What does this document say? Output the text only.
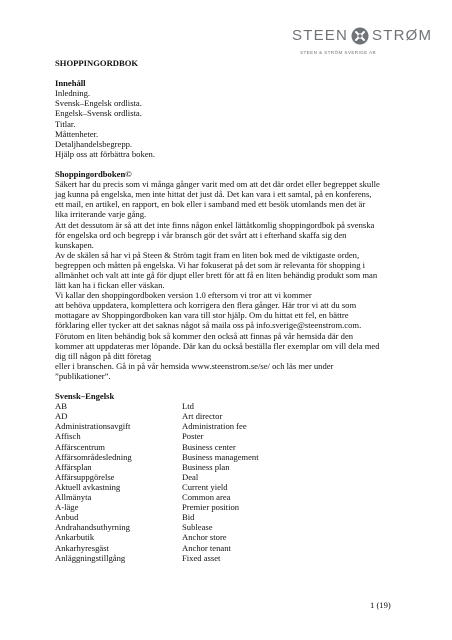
STEEN STRØM
STEEN & STRÖM SVERIGE AB
SHOPPINGORDBOK
Innehåll
Inledning.
Svensk–Engelsk ordlista.
Engelsk–Svensk ordlista.
Titlar.
Måttenheter.
Detaljhandelsbegrepp.
Hjälp oss att förbättra boken.
Shoppingordboken©
Säkert har du precis som vi många gånger varit med om att det där ordet eller begreppet skulle
jag kunna på engelska, men inte hittat det just då. Det kan vara i ett samtal, på en konferens,
ett mail, en artikel, en rapport, en bok eller i samband med ett besök utomlands men det är
lika irriterande varje gång.
Att det dessutom är så att det inte finns någon enkel lättåtkomlig shoppingordbok på svenska
för engelska ord och begrepp i vår bransch gör det svårt att i efterhand skaffa sig den
kunskapen.
Av de skälen så har vi på Steen & Ström tagit fram en liten bok med de viktigaste orden,
begreppen och måtten på engelska. Vi har fokuserat på det som är relevanta för shopping i
allmänhet och valt att inte gå för djupt eller brett för att få en liten behändig produkt som man
lätt kan ha i fickan eller väskan.
Vi kallar den shoppingordboken version 1.0 eftersom vi tror att vi kommer
att behöva uppdatera, komplettera och korrigera den flera gånger. Här tror vi att du som
mottagare av Shoppingordboken kan vara till stor hjälp. Om du hittat ett fel, en bättre
förklaring eller tycker att det saknas något så maila oss på info.sverige@steenstrom.com.
Förutom en liten behändig bok så kommer den också att finnas på vår hemsida där den
kommer att uppdateras mer löpande. Där kan du också beställa fler exemplar om vill dela med
dig till någon på ditt företag
eller i branschen. Gå in på vår hemsida www.steenstrom.se/se/ och läs mer under
”publikationer”.
Svensk–Engelsk
AB	Ltd
AD	Art director
Administrationsavgift	Administration fee
Affisch	Poster
Affärscentrum	Business center
Affärsområdesledning	Business management
Affärsplan	Business plan
Affärsuppgörelse	Deal
Aktuell avkastning	Current yield
Allmänyta	Common area
A-läge	Premier position
Anbud	Bid
Andrahandsuthyrning	Sublease
Ankarbutik	Anchor store
Ankarhyresgäst	Anchor tenant
Anläggningstillgång	Fixed asset
1 (19)
